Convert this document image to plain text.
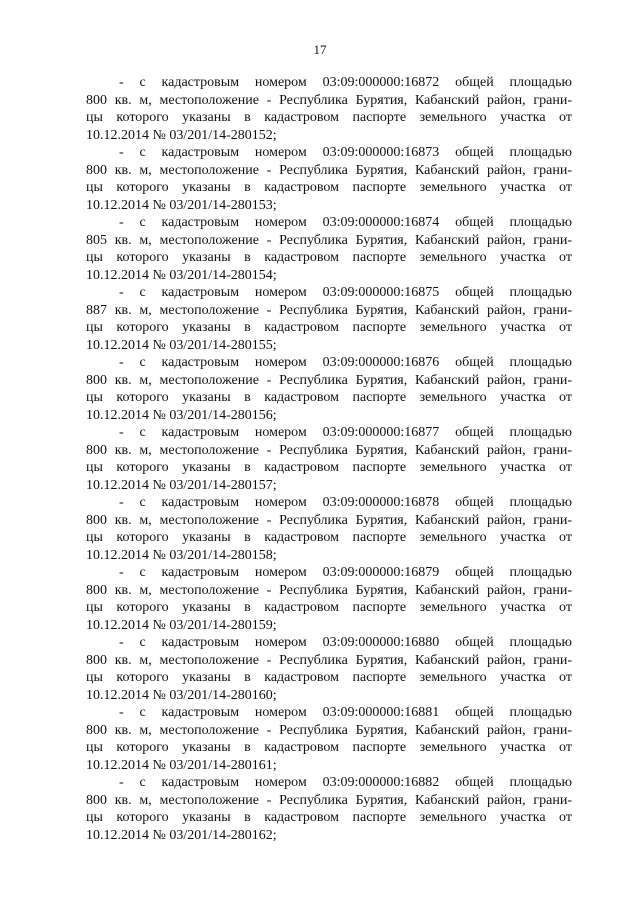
17
- с кадастровым номером 03:09:000000:16872 общей площадью
800 кв. м, местоположение - Республика Бурятия, Кабанский район, грани-
цы которого указаны в кадастровом паспорте земельного участка от
10.12.2014 № 03/201/14-280152;
- с кадастровым номером 03:09:000000:16873 общей площадью
800 кв. м, местоположение - Республика Бурятия, Кабанский район, грани-
цы которого указаны в кадастровом паспорте земельного участка от
10.12.2014 № 03/201/14-280153;
- с кадастровым номером 03:09:000000:16874 общей площадью
805 кв. м, местоположение - Республика Бурятия, Кабанский район, грани-
цы которого указаны в кадастровом паспорте земельного участка от
10.12.2014 № 03/201/14-280154;
- с кадастровым номером 03:09:000000:16875 общей площадью
887 кв. м, местоположение - Республика Бурятия, Кабанский район, грани-
цы которого указаны в кадастровом паспорте земельного участка от
10.12.2014 № 03/201/14-280155;
- с кадастровым номером 03:09:000000:16876 общей площадью
800 кв. м, местоположение - Республика Бурятия, Кабанский район, грани-
цы которого указаны в кадастровом паспорте земельного участка от
10.12.2014 № 03/201/14-280156;
- с кадастровым номером 03:09:000000:16877 общей площадью
800 кв. м, местоположение - Республика Бурятия, Кабанский район, грани-
цы которого указаны в кадастровом паспорте земельного участка от
10.12.2014 № 03/201/14-280157;
- с кадастровым номером 03:09:000000:16878 общей площадью
800 кв. м, местоположение - Республика Бурятия, Кабанский район, грани-
цы которого указаны в кадастровом паспорте земельного участка от
10.12.2014 № 03/201/14-280158;
- с кадастровым номером 03:09:000000:16879 общей площадью
800 кв. м, местоположение - Республика Бурятия, Кабанский район, грани-
цы которого указаны в кадастровом паспорте земельного участка от
10.12.2014 № 03/201/14-280159;
- с кадастровым номером 03:09:000000:16880 общей площадью
800 кв. м, местоположение - Республика Бурятия, Кабанский район, грани-
цы которого указаны в кадастровом паспорте земельного участка от
10.12.2014 № 03/201/14-280160;
- с кадастровым номером 03:09:000000:16881 общей площадью
800 кв. м, местоположение - Республика Бурятия, Кабанский район, грани-
цы которого указаны в кадастровом паспорте земельного участка от
10.12.2014 № 03/201/14-280161;
- с кадастровым номером 03:09:000000:16882 общей площадью
800 кв. м, местоположение - Республика Бурятия, Кабанский район, грани-
цы которого указаны в кадастровом паспорте земельного участка от
10.12.2014 № 03/201/14-280162;
